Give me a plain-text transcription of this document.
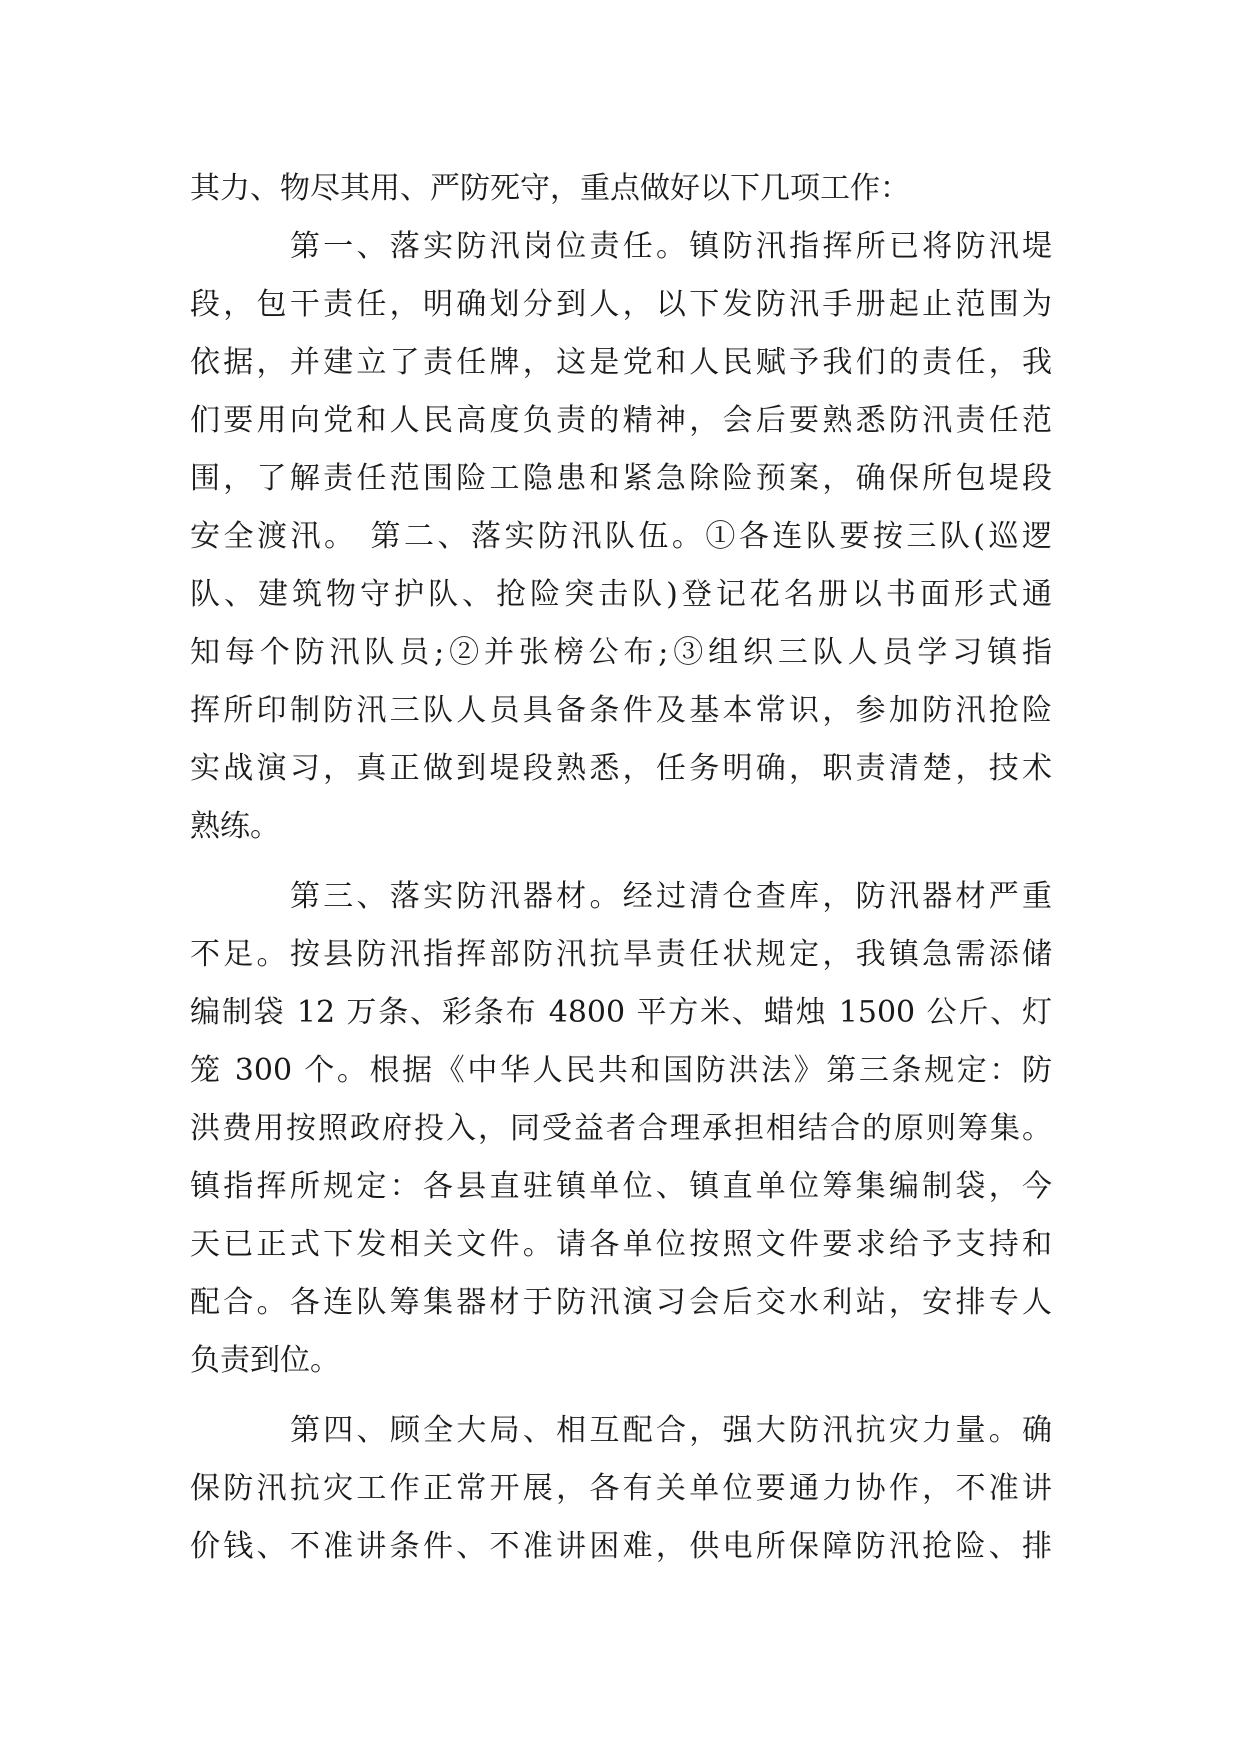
其力、物尽其用、严防死守，重点做好以下几项工作：
第一、落实防汛岗位责任。镇防汛指挥所已将防汛堤
段，包干责任，明确划分到人，以下发防汛手册起止范围为
依据，并建立了责任牌，这是党和人民赋予我们的责任，我
们要用向党和人民高度负责的精神，会后要熟悉防汛责任范
围，了解责任范围险工隐患和紧急除险预案，确保所包堤段
安全渡汛。 第二、落实防汛队伍。①各连队要按三队(巡逻
队、建筑物守护队、抢险突击队)登记花名册以书面形式通
知每个防汛队员;②并张榜公布;③组织三队人员学习镇指
挥所印制防汛三队人员具备条件及基本常识，参加防汛抢险
实战演习，真正做到堤段熟悉，任务明确，职责清楚，技术
熟练。
第三、落实防汛器材。经过清仓查库，防汛器材严重
不足。按县防汛指挥部防汛抗旱责任状规定，我镇急需添储
编制袋 12 万条、彩条布 4800 平方米、蜡烛 1500 公斤、灯
笼 300 个。根据《中华人民共和国防洪法》第三条规定：防
洪费用按照政府投入，同受益者合理承担相结合的原则筹集。
镇指挥所规定：各县直驻镇单位、镇直单位筹集编制袋，今
天已正式下发相关文件。请各单位按照文件要求给予支持和
配合。各连队筹集器材于防汛演习会后交水利站，安排专人
负责到位。
第四、顾全大局、相互配合，强大防汛抗灾力量。确
保防汛抗灾工作正常开展，各有关单位要通力协作，不准讲
价钱、不准讲条件、不准讲困难，供电所保障防汛抢险、排
